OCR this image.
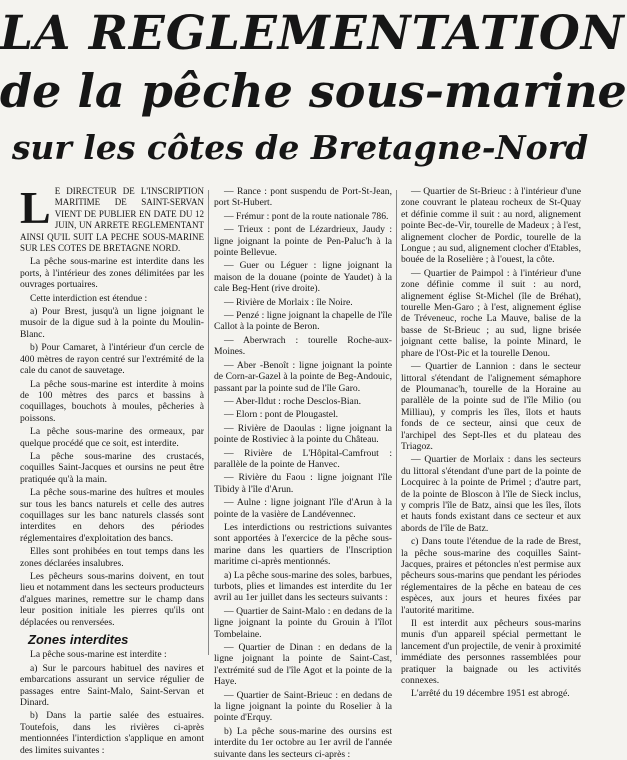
LA REGLEMENTATION
de la pêche sous-marine
sur les côtes de Bretagne-Nord

L E DIRECTEUR DE L'INSCRIPTION MARITIME DE SAINT-SERVAN VIENT DE PUBLIER EN DATE DU 12 JUIN, UN ARRETE REGLEMENTANT AINSI QU'IL SUIT LA PECHE SOUS-MARINE SUR LES COTES DE BRETAGNE NORD.

La pêche sous-marine est interdite dans les ports, à l'intérieur des zones délimitées par les ouvrages portuaires.

Cette interdiction est étendue :

a) Pour Brest, jusqu'à un ligne joignant le musoir de la digue sud à la pointe du Moulin-Blanc.

b) Pour Camaret, à l'intérieur d'un cercle de 400 mètres de rayon centré sur l'extrémité de la cale du canot de sauvetage.

La pêche sous-marine est interdite à moins de 100 mètres des parcs et bassins à coquillages, bouchots à moules, pêcheries à poissons.

La pêche sous-marine des ormeaux, par quelque procédé que ce soit, est interdite.

La pêche sous-marine des crustacés, coquilles Saint-Jacques et oursins ne peut être pratiquée qu'à la main.

La pêche sous-marine des huîtres et moules sur tous les bancs naturels et celle des autres coquillages sur les banc naturels classés sont interdites en dehors des périodes réglementaires d'exploitation des bancs.

Elles sont prohibées en tout temps dans les zones déclarées insalubres.

Les pêcheurs sous-marins doivent, en tout lieu et notamment dans les secteurs producteurs d'algues marines, remettre sur le champ dans leur position initiale les pierres qu'ils ont déplacées ou renversées.

Zones interdites

La pêche sous-marine est interdite :

a) Sur le parcours habituel des navires et embarcations assurant un service régulier de passages entre Saint-Malo, Saint-Servan et Dinard.

b) Dans la partie salée des estuaires. Toutefois, dans les rivières ci-après mentionnées l'interdiction s'applique en amont des limites suivantes :

— Rance : pont suspendu de Port-St-Jean, port St-Hubert.

— Frémur : pont de la route nationale 786.

— Trieux : pont de Lézardrieux, Jaudy : ligne joignant la pointe de Pen-Paluc'h à la pointe Bellevue.

— Guer ou Léguer : ligne joignant la maison de la douane (pointe de Yaudet) à la cale Beg-Hent (rive droite).

— Rivière de Morlaix : île Noire.

— Penzé : ligne joignant la chapelle de l'île Callot à la pointe de Beron.

— Aberwrach : tourelle Roche-aux-Moines.

— Aber -Benoît : ligne joignant la pointe de Corn-ar-Gazel à la pointe de Beg-Andouic, passant par la pointe sud de l'île Garo.

— Aber-Ildut : roche Desclos-Bian.

— Elorn : pont de Plougastel.

— Rivière de Daoulas : ligne joignant la pointe de Rostiviec à la pointe du Château.

— Rivière de L'Hôpital-Camfrout : parallèle de la pointe de Hanvec.

— Rivière du Faou : ligne joignant l'île Tibidy à l'île d'Arun.

— Aulne : ligne joignant l'île d'Arun à la pointe de la vasière de Landévennec.

Les interdictions ou restrictions suivantes sont apportées à l'exercice de la pêche sous-marine dans les quartiers de l'Inscription maritime ci-après mentionnés.

a) La pêche sous-marine des soles, barbues, turbots, plies et limandes est interdite du 1er avril au 1er juillet dans les secteurs suivants :

— Quartier de Saint-Malo : en dedans de la ligne joignant la pointe du Grouin à l'îlot Tombelaine.

— Quartier de Dinan : en dedans de la ligne joignant la pointe de Saint-Cast, l'extrémité sud de l'île Agot et la pointe de la Haye.

— Quartier de Saint-Brieuc : en dedans de la ligne joignant la pointe du Roselier à la pointe d'Erquy.

b) La pêche sous-marine des oursins est interdite du 1er octobre au 1er avril de l'année suivante dans les secteurs ci-après :

— Quartier de St-Brieuc : à l'intérieur d'une zone couvrant le plateau rocheux de St-Quay et définie comme il suit : au nord, alignement pointe Bec-de-Vir, tourelle de Madeux ; à l'est, alignement clocher de Pordic, tourelle de la Longue ; au sud, alignement clocher d'Etables, bouée de la Roselière ; à l'ouest, la côte.

— Quartier de Paimpol : à l'intérieur d'une zone définie comme il suit : au nord, alignement église St-Michel (île de Bréhat), tourelle Men-Garo ; à l'est, alignement église de Tréveneuc, roche La Mauve, balise de la basse de St-Brieuc ; au sud, ligne brisée joignant cette balise, la pointe Minard, le phare de l'Ost-Pic et la tourelle Denou.

— Quartier de Lannion : dans le secteur littoral s'étendant de l'alignement sémaphore de Ploumanac'h, tourelle de la Horaine au parallèle de la pointe sud de l'île Milio (ou Milliau), y compris les îles, îlots et hauts fonds de ce secteur, ainsi que ceux de l'archipel des Sept-Iles et du plateau des Triagoz.

— Quartier de Morlaix : dans les secteurs du littoral s'étendant d'une part de la pointe de Locquirec à la pointe de Primel ; d'autre part, de la pointe de Bloscon à l'île de Sieck inclus, y compris l'île de Batz, ainsi que les îles, îlots et hauts fonds existant dans ce secteur et aux abords de l'île de Batz.

c) Dans toute l'étendue de la rade de Brest, la pêche sous-marine des coquilles Saint-Jacques, praires et pétoncles n'est permise aux pêcheurs sous-marins que pendant les périodes réglementaires de la pêche en bateau de ces espèces, aux jours et heures fixées par l'autorité maritime.

Il est interdit aux pêcheurs sous-marins munis d'un appareil spécial permettant le lancement d'un projectile, de venir à proximité immédiate des personnes rassemblées pour pratiquer la baignade ou les activités connexes.

L'arrêté du 19 décembre 1951 est abrogé.
